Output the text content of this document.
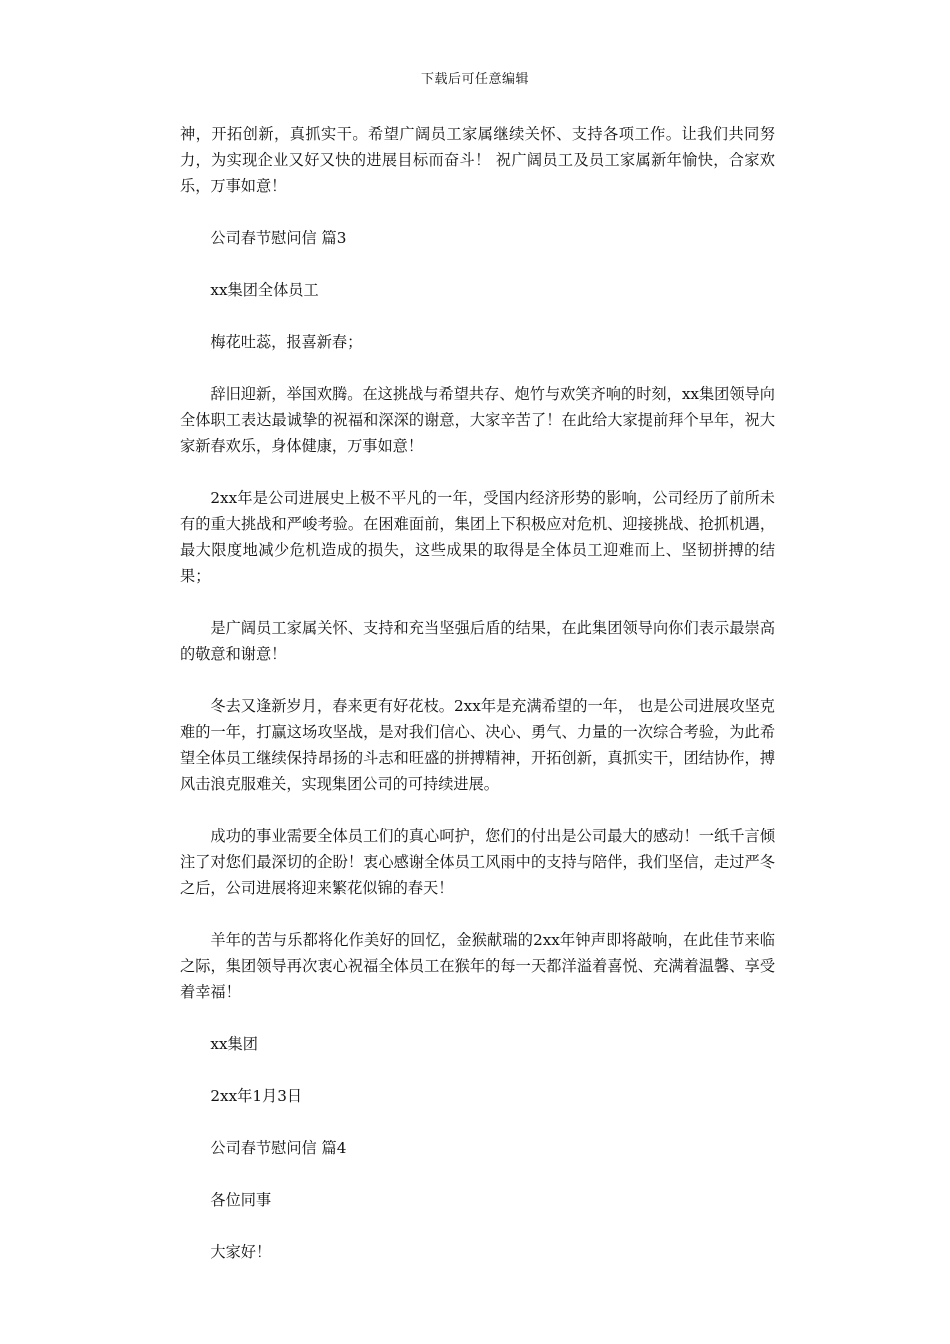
下载后可任意编辑

神，开拓创新，真抓实干。希望广阔员工家属继续关怀、支持各项工作。让我们共同努力，为实现企业又好又快的进展目标而奋斗！ 祝广阔员工及员工家属新年愉快，合家欢乐，万事如意！

公司春节慰问信 篇3

xx集团全体员工

梅花吐蕊，报喜新春；

辞旧迎新，举国欢腾。在这挑战与希望共存、炮竹与欢笑齐响的时刻，xx集团领导向全体职工表达最诚挚的祝福和深深的谢意，大家辛苦了！在此给大家提前拜个早年，祝大家新春欢乐，身体健康，万事如意！

2xx年是公司进展史上极不平凡的一年，受国内经济形势的影响，公司经历了前所未有的重大挑战和严峻考验。在困难面前，集团上下积极应对危机、迎接挑战、抢抓机遇，最大限度地减少危机造成的损失，这些成果的取得是全体员工迎难而上、坚韧拼搏的结果；

是广阔员工家属关怀、支持和充当坚强后盾的结果，在此集团领导向你们表示最崇高的敬意和谢意！

冬去又逢新岁月，春来更有好花枝。2xx年是充满希望的一年， 也是公司进展攻坚克难的一年，打赢这场攻坚战，是对我们信心、决心、勇气、力量的一次综合考验，为此希望全体员工继续保持昂扬的斗志和旺盛的拼搏精神，开拓创新，真抓实干，团结协作，搏风击浪克服难关，实现集团公司的可持续进展。

成功的事业需要全体员工们的真心呵护，您们的付出是公司最大的感动！一纸千言倾注了对您们最深切的企盼！衷心感谢全体员工风雨中的支持与陪伴，我们坚信，走过严冬之后，公司进展将迎来繁花似锦的春天！

羊年的苦与乐都将化作美好的回忆，金猴献瑞的2xx年钟声即将敲响，在此佳节来临之际，集团领导再次衷心祝福全体员工在猴年的每一天都洋溢着喜悦、充满着温馨、享受着幸福！

xx集团

2xx年1月3日

公司春节慰问信 篇4

各位同事

大家好！
